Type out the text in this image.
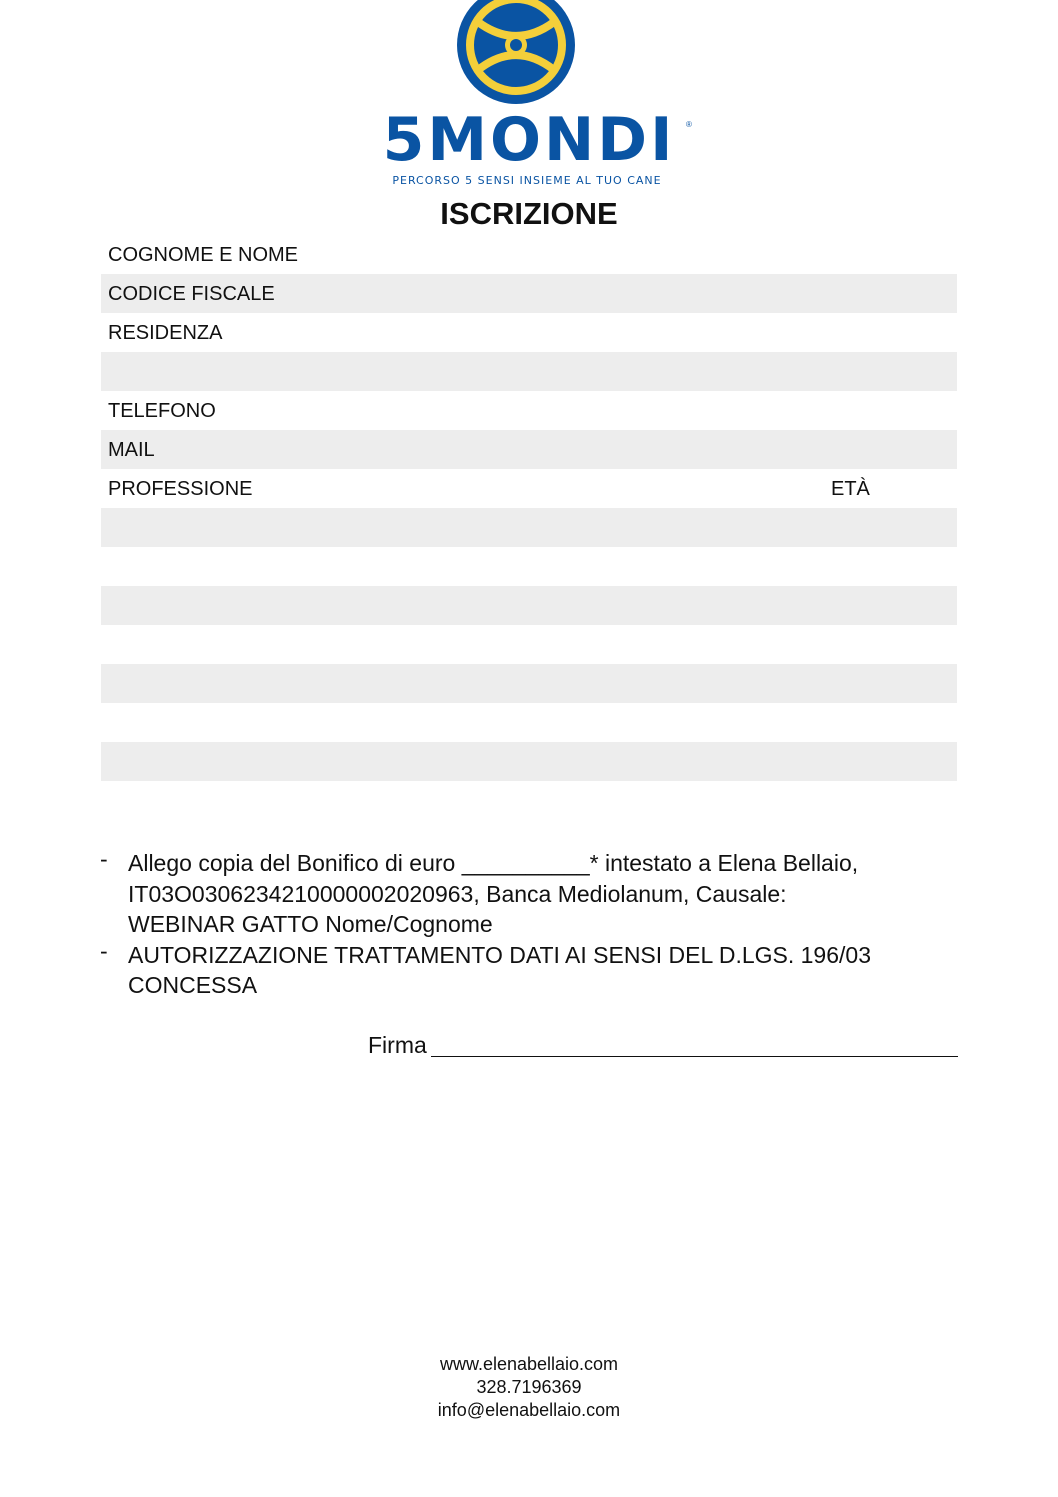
5MONDI	®
PERCORSO 5 SENSI INSIEME AL TUO CANE
ISCRIZIONE
COGNOME E NOME
CODICE FISCALE
RESIDENZA
TELEFONO
MAIL
PROFESSIONE	ETÀ
- Allego copia del Bonifico di euro __________* intestato a Elena Bellaio,
IT03O0306234210000002020963, Banca Mediolanum, Causale:
WEBINAR GATTO Nome/Cognome
- AUTORIZZAZIONE TRATTAMENTO DATI AI SENSI DEL D.LGS. 196/03
CONCESSA
Firma
www.elenabellaio.com
328.7196369
info@elenabellaio.com
